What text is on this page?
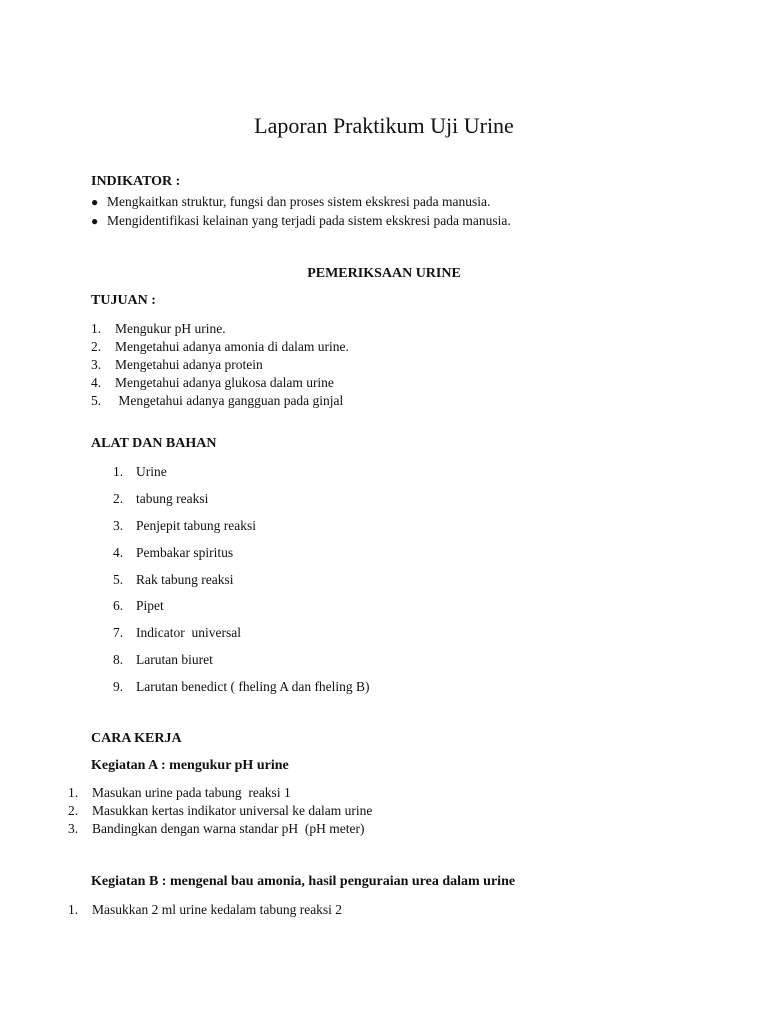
Laporan Praktikum Uji Urine
INDIKATOR :
● Mengkaitkan struktur, fungsi dan proses sistem ekskresi pada manusia.
● Mengidentifikasi kelainan yang terjadi pada sistem ekskresi pada manusia.
PEMERIKSAAN URINE
TUJUAN :
1. Mengukur pH urine.
2. Mengetahui adanya amonia di dalam urine.
3. Mengetahui adanya protein
4. Mengetahui adanya glukosa dalam urine
5. Mengetahui adanya gangguan pada ginjal
ALAT DAN BAHAN
1. Urine
2. tabung reaksi
3. Penjepit tabung reaksi
4. Pembakar spiritus
5. Rak tabung reaksi
6. Pipet
7. Indicator  universal
8. Larutan biuret
9. Larutan benedict ( fheling A dan fheling B)
CARA KERJA
Kegiatan A : mengukur pH urine
1. Masukan urine pada tabung  reaksi 1
2. Masukkan kertas indikator universal ke dalam urine
3. Bandingkan dengan warna standar pH  (pH meter)
Kegiatan B : mengenal bau amonia, hasil penguraian urea dalam urine
1. Masukkan 2 ml urine kedalam tabung reaksi 2
